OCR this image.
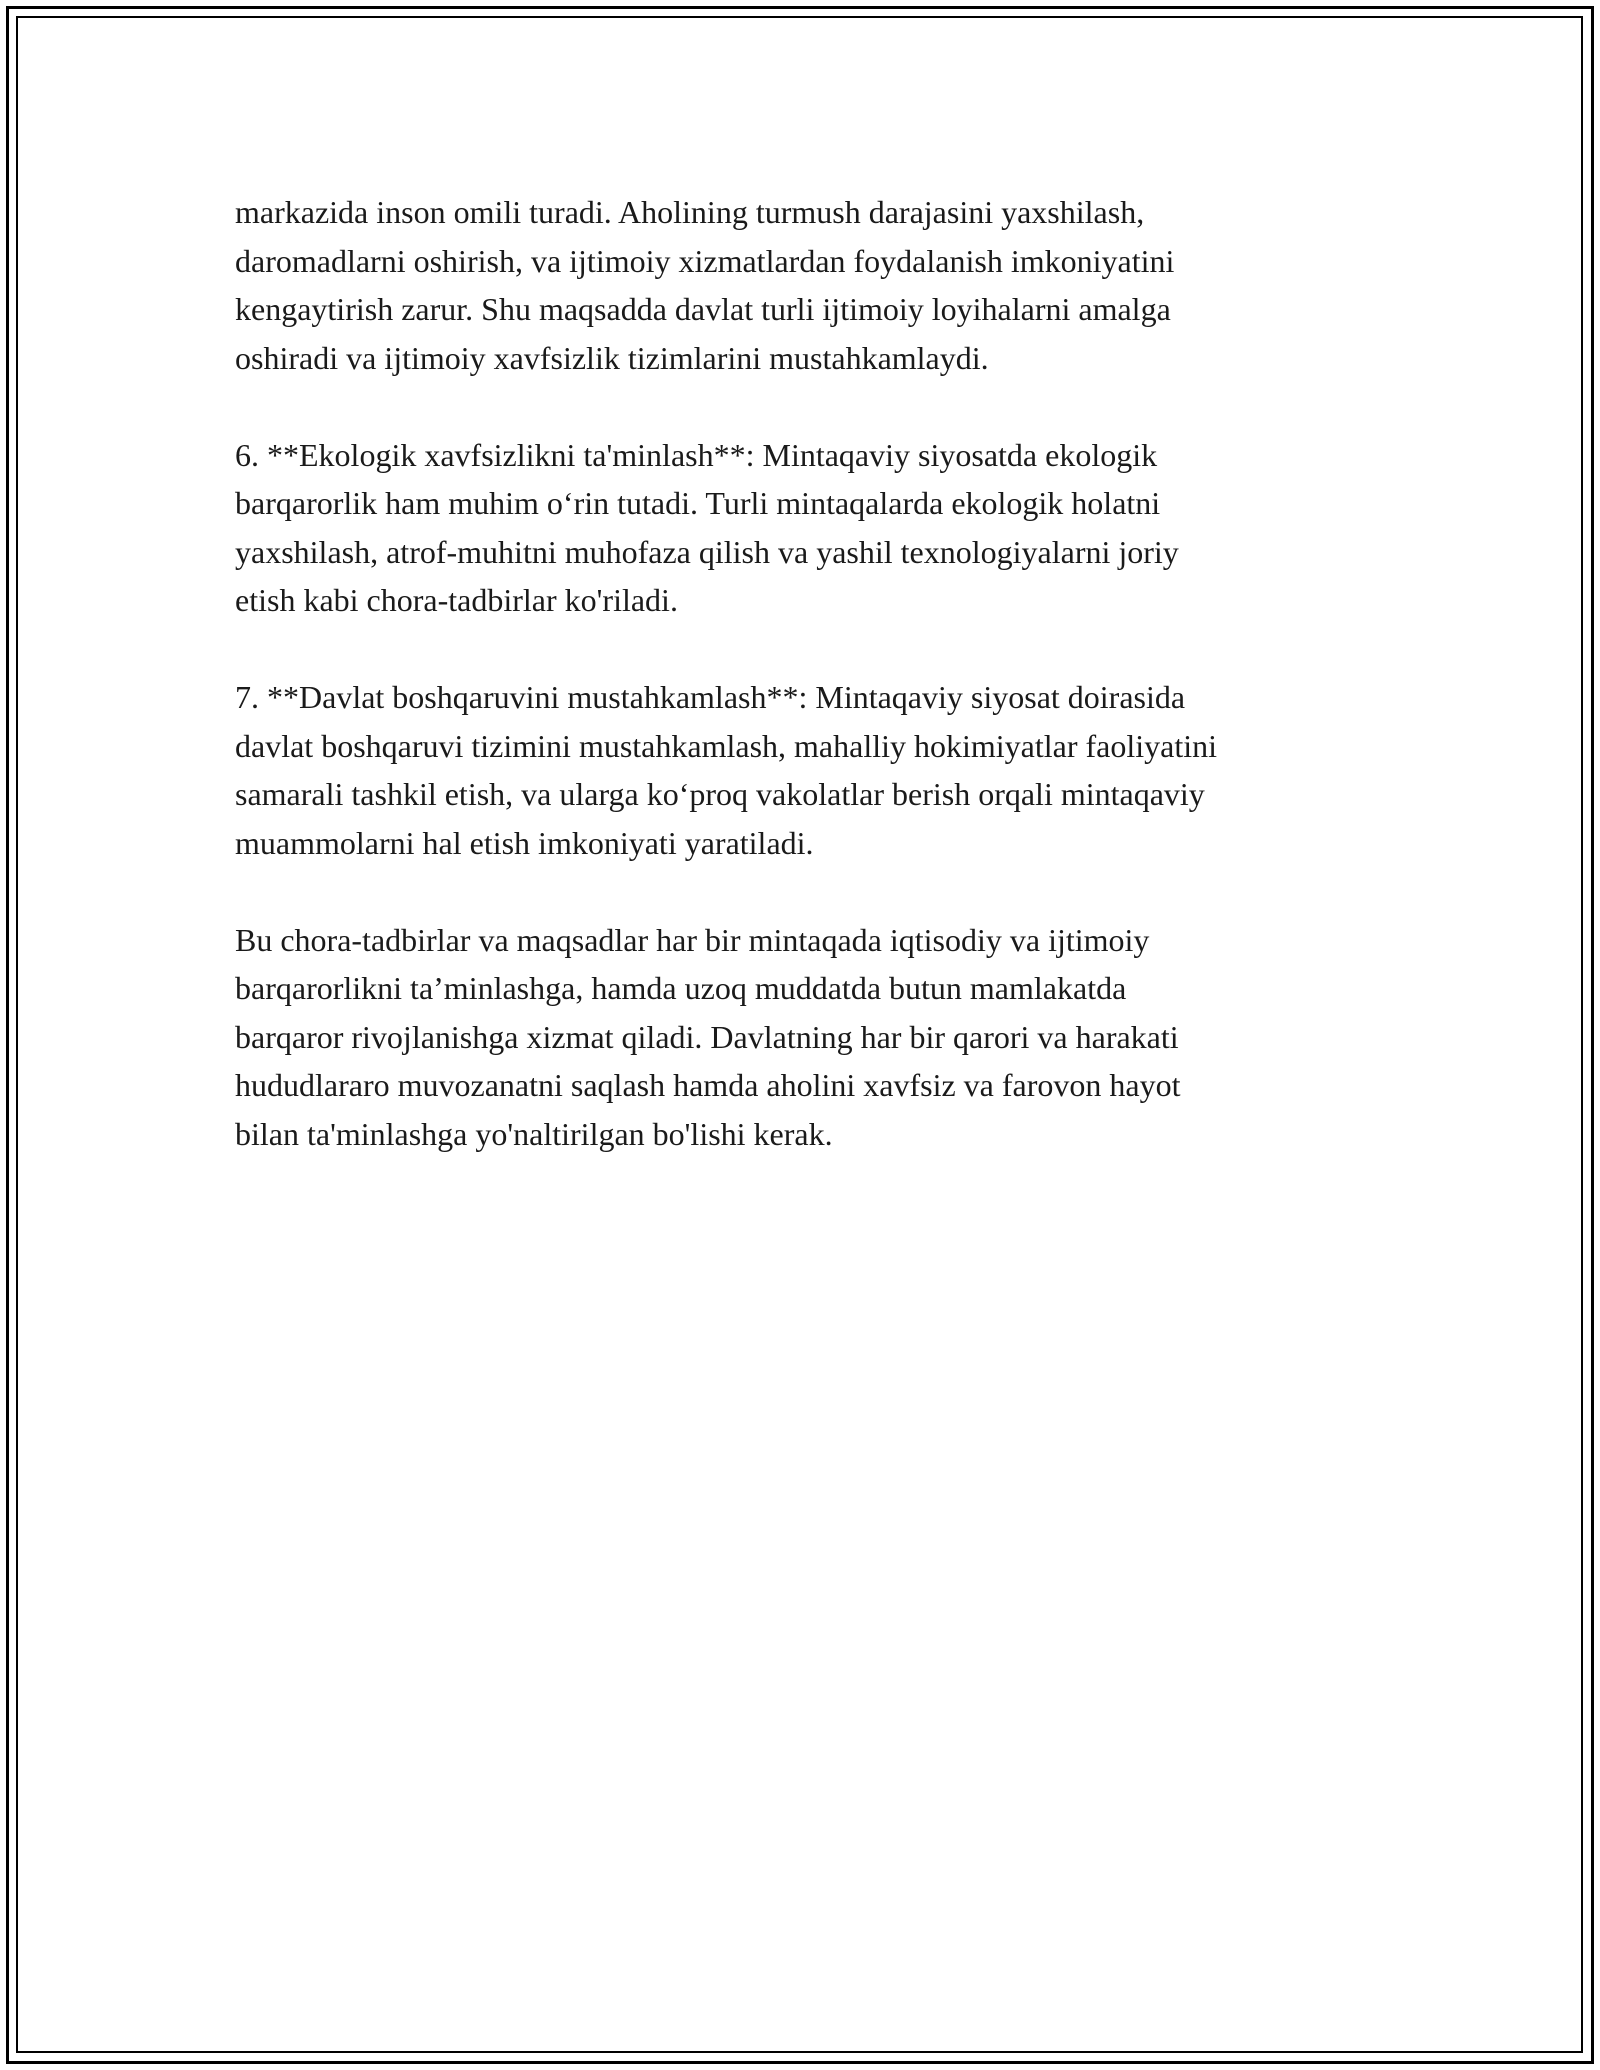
markazida inson omili turadi. Aholining turmush darajasini yaxshilash,
daromadlarni oshirish, va ijtimoiy xizmatlardan foydalanish imkoniyatini
kengaytirish zarur. Shu maqsadda davlat turli ijtimoiy loyihalarni amalga
oshiradi va ijtimoiy xavfsizlik tizimlarini mustahkamlaydi.

6. **Ekologik xavfsizlikni ta'minlash**: Mintaqaviy siyosatda ekologik
barqarorlik ham muhim oʻrin tutadi. Turli mintaqalarda ekologik holatni
yaxshilash, atrof-muhitni muhofaza qilish va yashil texnologiyalarni joriy
etish kabi chora-tadbirlar ko'riladi.

7. **Davlat boshqaruvini mustahkamlash**: Mintaqaviy siyosat doirasida
davlat boshqaruvi tizimini mustahkamlash, mahalliy hokimiyatlar faoliyatini
samarali tashkil etish, va ularga koʻproq vakolatlar berish orqali mintaqaviy
muammolarni hal etish imkoniyati yaratiladi.

Bu chora-tadbirlar va maqsadlar har bir mintaqada iqtisodiy va ijtimoiy
barqarorlikni ta’minlashga, hamda uzoq muddatda butun mamlakatda
barqaror rivojlanishga xizmat qiladi. Davlatning har bir qarori va harakati
hududlararo muvozanatni saqlash hamda aholini xavfsiz va farovon hayot
bilan ta'minlashga yo'naltirilgan bo'lishi kerak.
